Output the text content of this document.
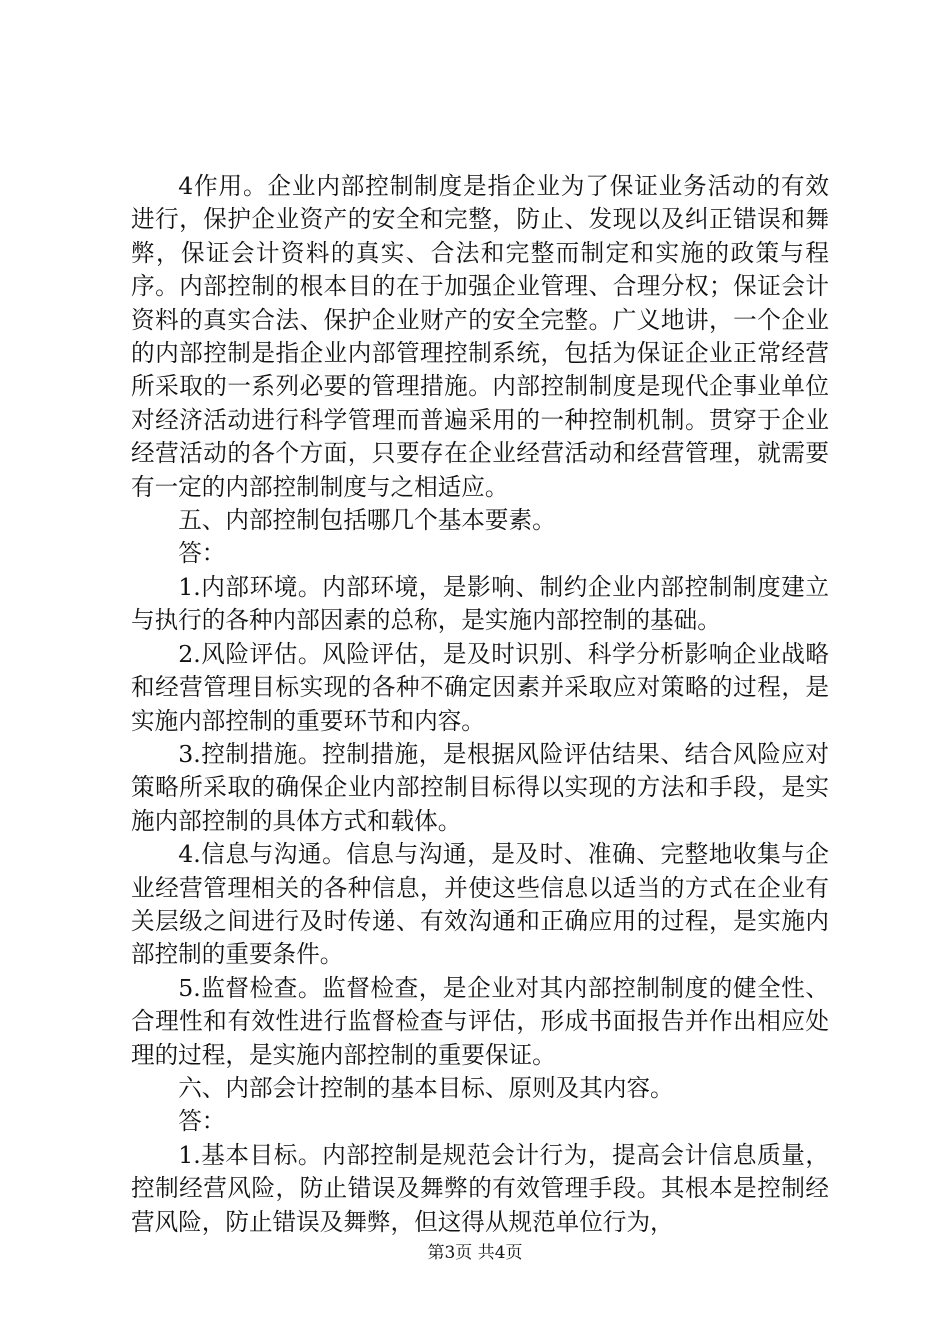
4作用。企业内部控制制度是指企业为了保证业务活动的有效进行，保护企业资产的安全和完整，防止、发现以及纠正错误和舞弊，保证会计资料的真实、合法和完整而制定和实施的政策与程序。内部控制的根本目的在于加强企业管理、合理分权；保证会计资料的真实合法、保护企业财产的安全完整。广义地讲，一个企业的内部控制是指企业内部管理控制系统，包括为保证企业正常经营所采取的一系列必要的管理措施。内部控制制度是现代企事业单位对经济活动进行科学管理而普遍采用的一种控制机制。贯穿于企业经营活动的各个方面，只要存在企业经营活动和经营管理，就需要有一定的内部控制制度与之相适应。

五、内部控制包括哪几个基本要素。

答：

1.内部环境。内部环境，是影响、制约企业内部控制制度建立与执行的各种内部因素的总称，是实施内部控制的基础。

2.风险评估。风险评估，是及时识别、科学分析影响企业战略和经营管理目标实现的各种不确定因素并采取应对策略的过程，是实施内部控制的重要环节和内容。

3.控制措施。控制措施，是根据风险评估结果、结合风险应对策略所采取的确保企业内部控制目标得以实现的方法和手段，是实施内部控制的具体方式和载体。

4.信息与沟通。信息与沟通，是及时、准确、完整地收集与企业经营管理相关的各种信息，并使这些信息以适当的方式在企业有关层级之间进行及时传递、有效沟通和正确应用的过程，是实施内部控制的重要条件。

5.监督检查。监督检查，是企业对其内部控制制度的健全性、合理性和有效性进行监督检查与评估，形成书面报告并作出相应处理的过程，是实施内部控制的重要保证。

六、内部会计控制的基本目标、原则及其内容。

答：

1.基本目标。内部控制是规范会计行为，提高会计信息质量，控制经营风险，防止错误及舞弊的有效管理手段。其根本是控制经营风险，防止错误及舞弊，但这得从规范单位行为，

第3页 共4页
